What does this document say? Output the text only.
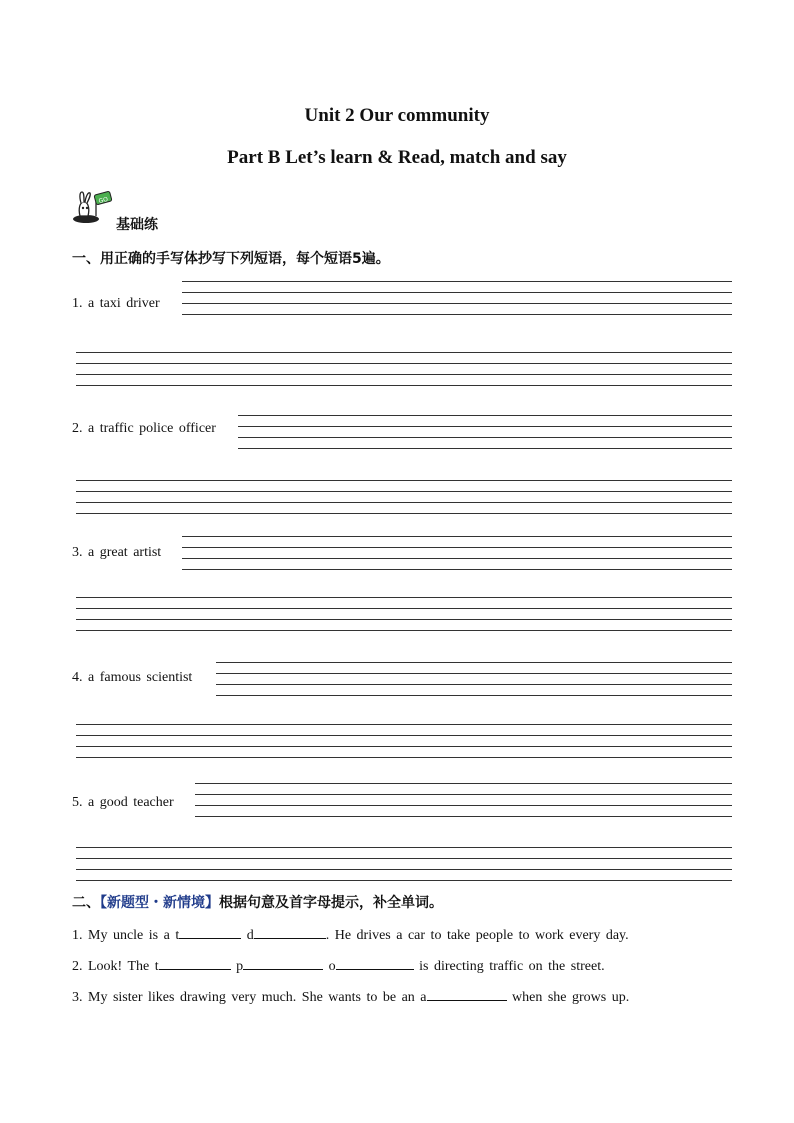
Unit 2 Our community
Part B Let’s learn & Read, match and say
GO
基础练
一、用正确的手写体抄写下列短语，每个短语5遍。
1. a taxi driver
2. a traffic police officer
3. a great artist
4. a famous scientist
5. a good teacher
二、【新题型・新情境】根据句意及首字母提示，补全单词。
1. My uncle is a t	d	. He drives a car to take people to work every day.
2. Look! The t	p	o	is directing traffic on the street.
3. My sister likes drawing very much. She wants to be an a	when she grows up.
